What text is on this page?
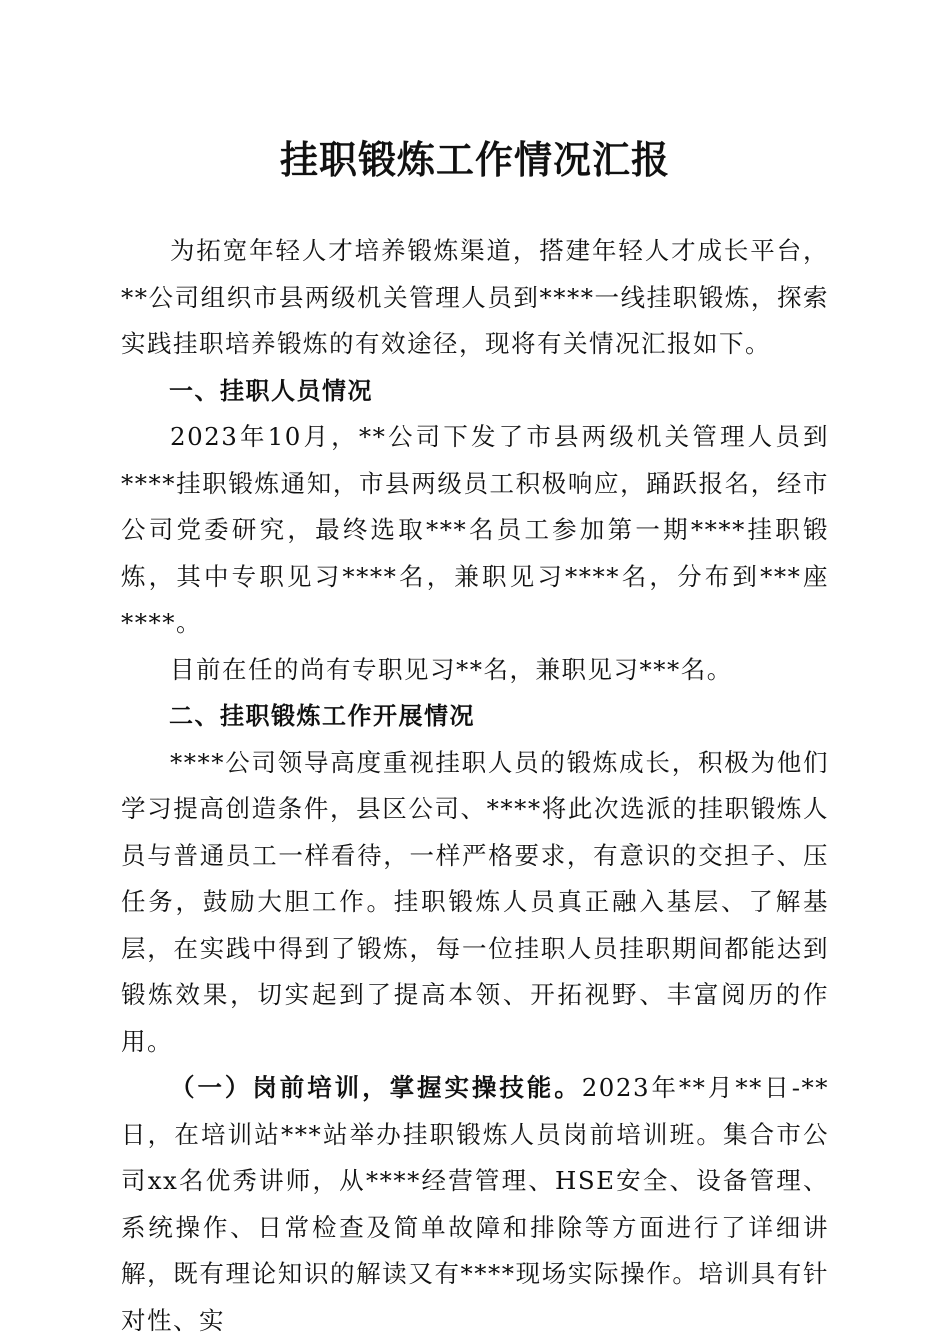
挂职锻炼工作情况汇报

为拓宽年轻人才培养锻炼渠道，搭建年轻人才成长平台，**公司组织市县两级机关管理人员到****一线挂职锻炼，探索实践挂职培养锻炼的有效途径，现将有关情况汇报如下。

一、挂职人员情况

2023年10月，**公司下发了市县两级机关管理人员到****挂职锻炼通知，市县两级员工积极响应，踊跃报名，经市公司党委研究，最终选取***名员工参加第一期****挂职锻炼，其中专职见习****名，兼职见习****名，分布到***座****。

目前在任的尚有专职见习**名，兼职见习***名。

二、挂职锻炼工作开展情况

****公司领导高度重视挂职人员的锻炼成长，积极为他们学习提高创造条件，县区公司、****将此次选派的挂职锻炼人员与普通员工一样看待，一样严格要求，有意识的交担子、压任务，鼓励大胆工作。挂职锻炼人员真正融入基层、了解基层，在实践中得到了锻炼，每一位挂职人员挂职期间都能达到锻炼效果，切实起到了提高本领、开拓视野、丰富阅历的作用。

（一）岗前培训，掌握实操技能。2023年**月**日-**日，在培训站***站举办挂职锻炼人员岗前培训班。集合市公司xx名优秀讲师，从****经营管理、HSE安全、设备管理、系统操作、日常检查及简单故障和排除等方面进行了详细讲解，既有理论知识的解读又有****现场实际操作。培训具有针对性、实
